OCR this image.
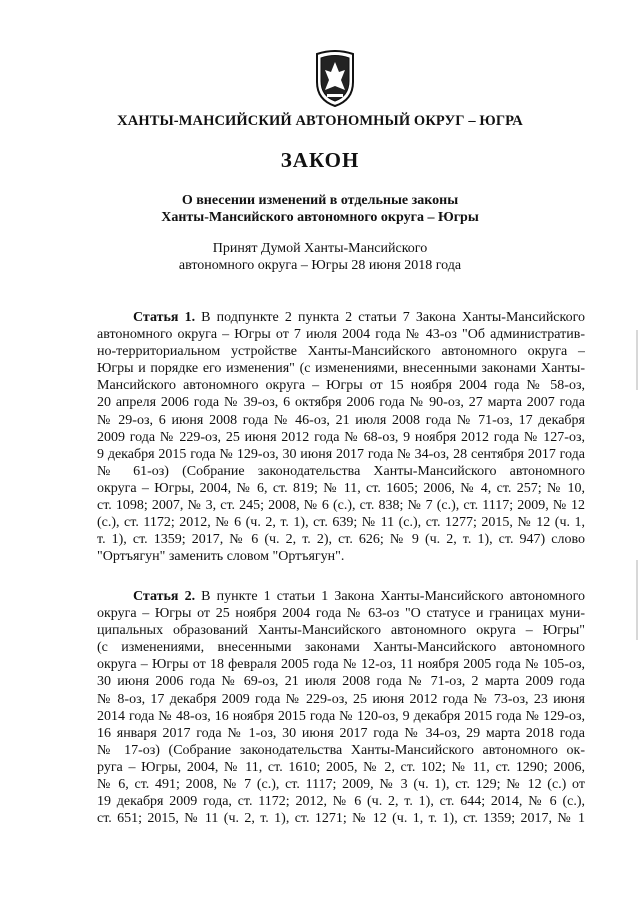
ХАНТЫ-МАНСИЙСКИЙ АВТОНОМНЫЙ ОКРУГ – ЮГРА
ЗАКОН
О внесении изменений в отдельные законы
Ханты-Мансийского автономного округа – Югры
Принят Думой Ханты-Мансийского
автономного округа – Югры 28 июня 2018 года
Статья 1. В подпункте 2 пункта 2 статьи 7 Закона Ханты-Мансийского
автономного округа – Югры от 7 июля 2004 года № 43-оз "Об административ-
но-территориальном устройстве Ханты-Мансийского автономного округа –
Югры и порядке его изменения" (с изменениями, внесенными законами Ханты-
Мансийского автономного округа – Югры от 15 ноября 2004 года № 58-оз,
20 апреля 2006 года № 39-оз, 6 октября 2006 года № 90-оз, 27 марта 2007 года
№ 29-оз, 6 июня 2008 года № 46-оз, 21 июля 2008 года № 71-оз, 17 декабря
2009 года № 229-оз, 25 июня 2012 года № 68-оз, 9 ноября 2012 года № 127-оз,
9 декабря 2015 года № 129-оз, 30 июня 2017 года № 34-оз, 28 сентября 2017 года
№ 61-оз) (Собрание законодательства Ханты-Мансийского автономного
округа – Югры, 2004, № 6, ст. 819; № 11, ст. 1605; 2006, № 4, ст. 257; № 10,
ст. 1098; 2007, № 3, ст. 245; 2008, № 6 (с.), ст. 838; № 7 (с.), ст. 1117; 2009, № 12
(с.), ст. 1172; 2012, № 6 (ч. 2, т. 1), ст. 639; № 11 (с.), ст. 1277; 2015, № 12 (ч. 1,
т. 1), ст. 1359; 2017, № 6 (ч. 2, т. 2), ст. 626; № 9 (ч. 2, т. 1), ст. 947) слово
"Ортъягун" заменить словом "Ортъягун".
Статья 2. В пункте 1 статьи 1 Закона Ханты-Мансийского автономного
округа – Югры от 25 ноября 2004 года № 63-оз "О статусе и границах муни-
ципальных образований Ханты-Мансийского автономного округа – Югры"
(с изменениями, внесенными законами Ханты-Мансийского автономного
округа – Югры от 18 февраля 2005 года № 12-оз, 11 ноября 2005 года № 105-оз,
30 июня 2006 года № 69-оз, 21 июля 2008 года № 71-оз, 2 марта 2009 года
№ 8-оз, 17 декабря 2009 года № 229-оз, 25 июня 2012 года № 73-оз, 23 июня
2014 года № 48-оз, 16 ноября 2015 года № 120-оз, 9 декабря 2015 года № 129-оз,
16 января 2017 года № 1-оз, 30 июня 2017 года № 34-оз, 29 марта 2018 года
№ 17-оз) (Собрание законодательства Ханты-Мансийского автономного ок-
руга – Югры, 2004, № 11, ст. 1610; 2005, № 2, ст. 102; № 11, ст. 1290; 2006,
№ 6, ст. 491; 2008, № 7 (с.), ст. 1117; 2009, № 3 (ч. 1), ст. 129; № 12 (с.) от
19 декабря 2009 года, ст. 1172; 2012, № 6 (ч. 2, т. 1), ст. 644; 2014, № 6 (с.),
ст. 651; 2015, № 11 (ч. 2, т. 1), ст. 1271; № 12 (ч. 1, т. 1), ст. 1359; 2017, № 1
